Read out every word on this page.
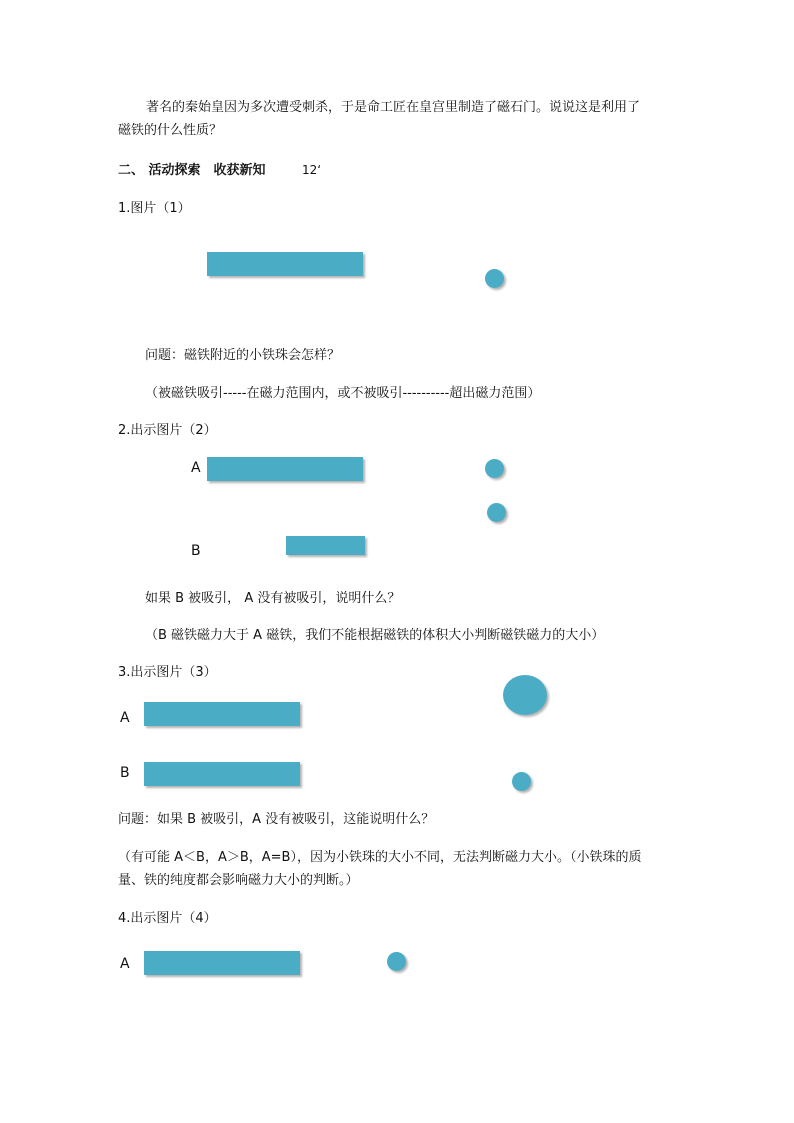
著名的秦始皇因为多次遭受刺杀，于是命工匠在皇宫里制造了磁石门。说说这是利用了
磁铁的什么性质？
二、 活动探索　收获新知	12‘
1.图片（1）
问题：磁铁附近的小铁珠会怎样？
（被磁铁吸引-----在磁力范围内，或不被吸引----------超出磁力范围）
2.出示图片（2）
A
B
如果 B 被吸引， A 没有被吸引，说明什么？
（B 磁铁磁力大于 A 磁铁，我们不能根据磁铁的体积大小判断磁铁磁力的大小）
3.出示图片（3）
A
B
问题：如果 B 被吸引，A 没有被吸引，这能说明什么？
（有可能 A＜B，A＞B，A=B），因为小铁珠的大小不同，无法判断磁力大小。（小铁珠的质
量、铁的纯度都会影响磁力大小的判断。）
4.出示图片（4）
A
